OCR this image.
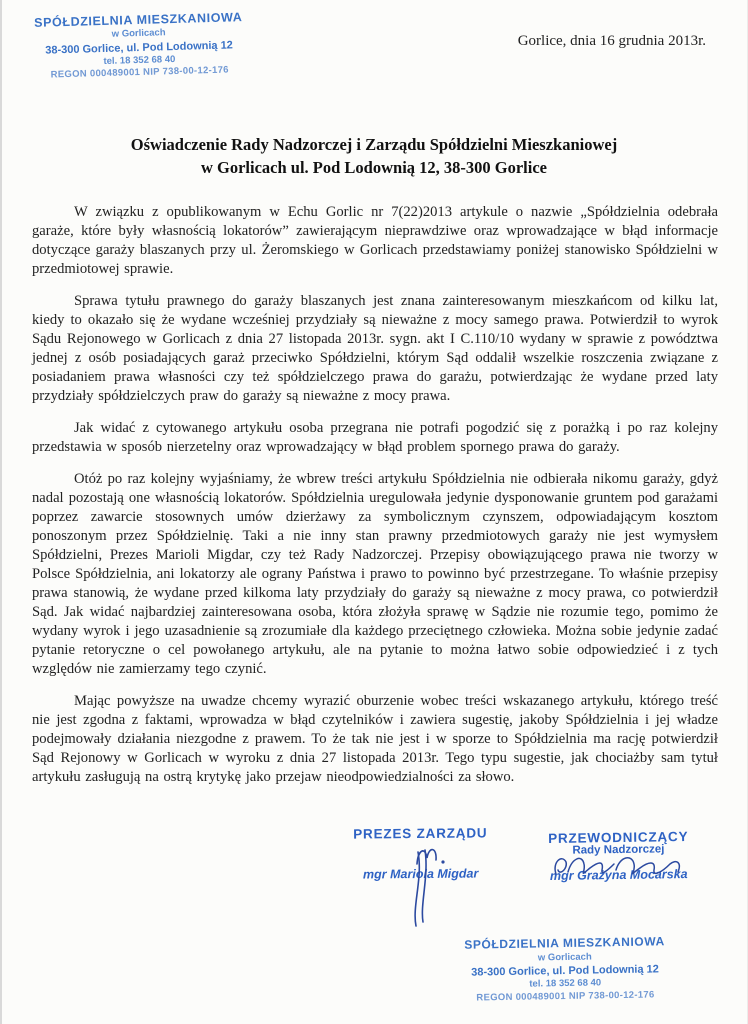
SPÓŁDZIELNIA MIESZKANIOWA
w Gorlicach
38-300 Gorlice, ul. Pod Lodownią 12
tel. 18 352 68 40
REGON 000489001 NIP 738-00-12-176
Gorlice, dnia 16 grudnia 2013r.
Oświadczenie Rady Nadzorczej i Zarządu Spółdzielni Mieszkaniowej
w Gorlicach ul. Pod Lodownią 12, 38-300 Gorlice

W związku z opublikowanym w Echu Gorlic nr 7(22)2013 artykule o nazwie „Spółdzielnia odebrała garaże, które były własnością lokatorów” zawierającym nieprawdziwe oraz wprowadzające w błąd informacje dotyczące garaży blaszanych przy ul. Żeromskiego w Gorlicach przedstawiamy poniżej stanowisko Spółdzielni w przedmiotowej sprawie.

Sprawa tytułu prawnego do garaży blaszanych jest znana zainteresowanym mieszkańcom od kilku lat, kiedy to okazało się że wydane wcześniej przydziały są nieważne z mocy samego prawa. Potwierdził to wyrok Sądu Rejonowego w Gorlicach z dnia 27 listopada 2013r. sygn. akt I C.110/10 wydany w sprawie z powództwa jednej z osób posiadających garaż przeciwko Spółdzielni, którym Sąd oddalił wszelkie roszczenia związane z posiadaniem prawa własności czy też spółdzielczego prawa do garażu, potwierdzając że wydane przed laty przydziały spółdzielczych praw do garaży są nieważne z mocy prawa.

Jak widać z cytowanego artykułu osoba przegrana nie potrafi pogodzić się z porażką i po raz kolejny przedstawia w sposób nierzetelny oraz wprowadzający w błąd problem spornego prawa do garaży.

Otóż po raz kolejny wyjaśniamy, że wbrew treści artykułu Spółdzielnia nie odbierała nikomu garaży, gdyż nadal pozostają one własnością lokatorów. Spółdzielnia uregulowała jedynie dysponowanie gruntem pod garażami poprzez zawarcie stosownych umów dzierżawy za symbolicznym czynszem, odpowiadającym kosztom ponoszonym przez Spółdzielnię. Taki a nie inny stan prawny przedmiotowych garaży nie jest wymysłem Spółdzielni, Prezes Marioli Migdar, czy też Rady Nadzorczej. Przepisy obowiązującego prawa nie tworzy w Polsce Spółdzielnia, ani lokatorzy ale ograny Państwa i prawo to powinno być przestrzegane. To właśnie przepisy prawa stanowią, że wydane przed kilkoma laty przydziały do garaży są nieważne z mocy prawa, co potwierdził Sąd. Jak widać najbardziej zainteresowana osoba, która złożyła sprawę w Sądzie nie rozumie tego, pomimo że wydany wyrok i jego uzasadnienie są zrozumiałe dla każdego przeciętnego człowieka. Można sobie jedynie zadać pytanie retoryczne o cel powołanego artykułu, ale na pytanie to można łatwo sobie odpowiedzieć i z tych względów nie zamierzamy tego czynić.

Mając powyższe na uwadze chcemy wyrazić oburzenie wobec treści wskazanego artykułu, którego treść nie jest zgodna z faktami, wprowadza w błąd czytelników i zawiera sugestię, jakoby Spółdzielnia i jej władze podejmowały działania niezgodne z prawem. To że tak nie jest i w sporze to Spółdzielnia ma rację potwierdził Sąd Rejonowy w Gorlicach w wyroku z dnia 27 listopada 2013r. Tego typu sugestie, jak chociażby sam tytuł artykułu zasługują na ostrą krytykę jako przejaw nieodpowiedzialności za słowo.

PREZES ZARZĄDU
mgr Mariola Migdar
PRZEWODNICZĄCY
Rady Nadzorczej
mgr Grażyna Mocarska
SPÓŁDZIELNIA MIESZKANIOWA
w Gorlicach
38-300 Gorlice, ul. Pod Lodownią 12
tel. 18 352 68 40
REGON 000489001 NIP 738-00-12-176
